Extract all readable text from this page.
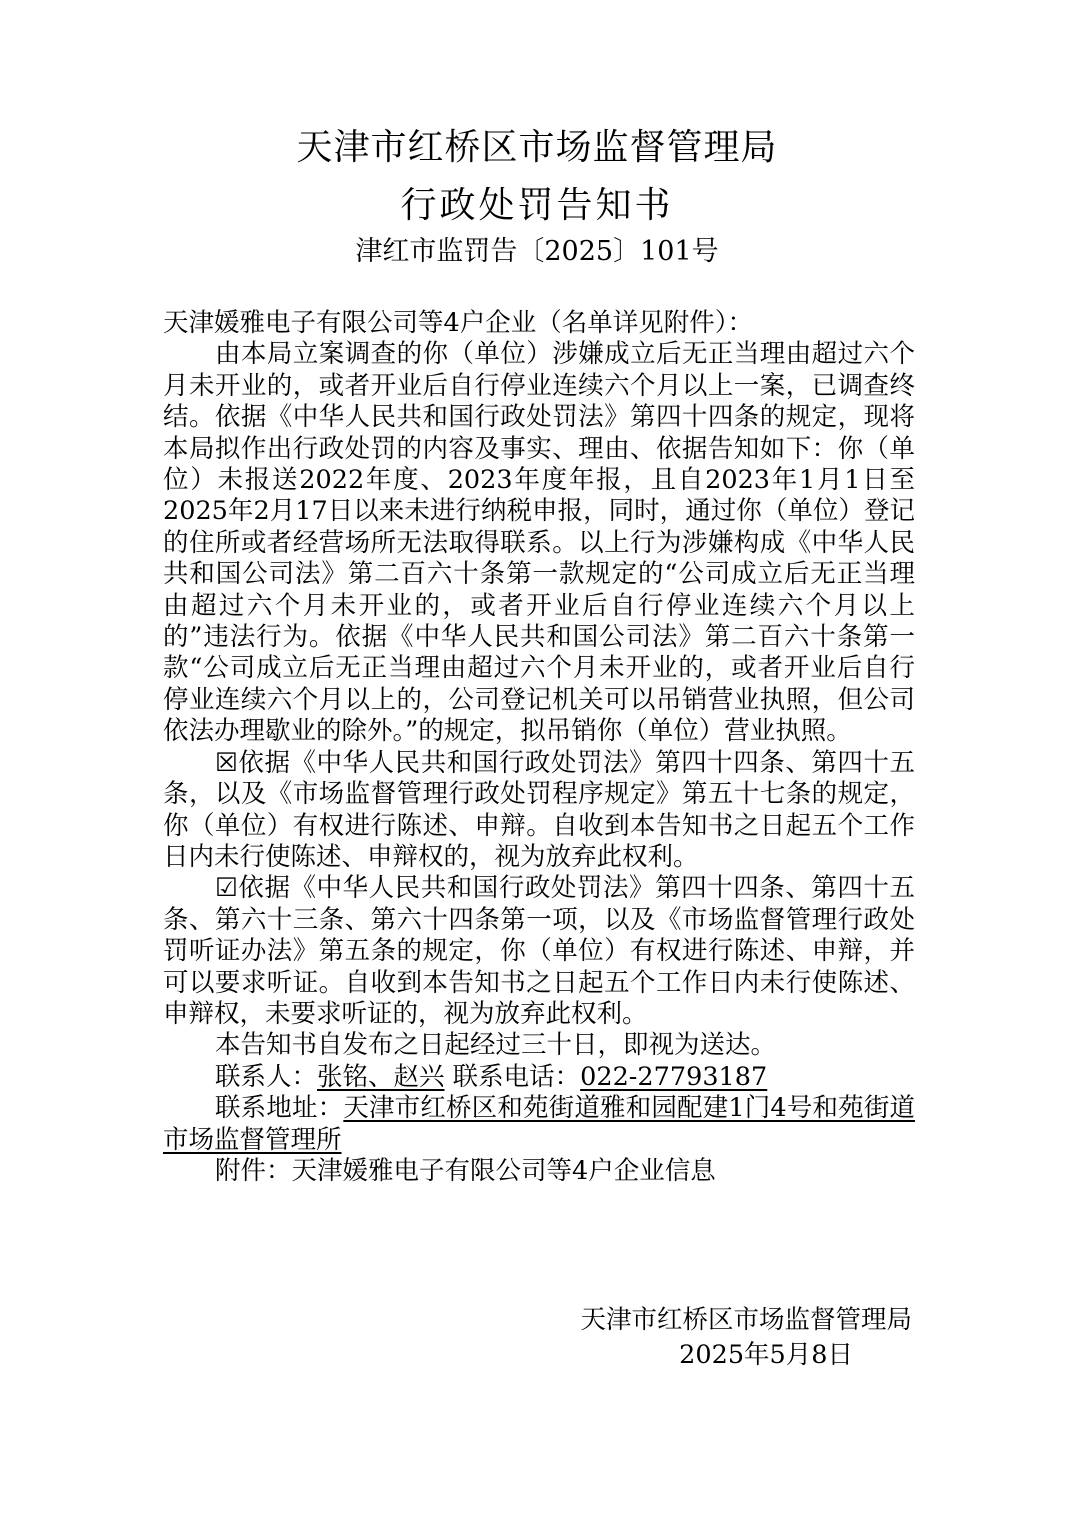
天津市红桥区市场监督管理局
行政处罚告知书
津红市监罚告〔2025〕101号

天津媛雅电子有限公司等4户企业（名单详见附件）：

由本局立案调查的你（单位）涉嫌成立后无正当理由超过六个月未开业的，或者开业后自行停业连续六个月以上一案，已调查终结。依据《中华人民共和国行政处罚法》第四十四条的规定，现将本局拟作出行政处罚的内容及事实、理由、依据告知如下：你（单位）未报送2022年度、2023年度年报，且自2023年1月1日至2025年2月17日以来未进行纳税申报，同时，通过你（单位）登记的住所或者经营场所无法取得联系。以上行为涉嫌构成《中华人民共和国公司法》第二百六十条第一款规定的“公司成立后无正当理由超过六个月未开业的，或者开业后自行停业连续六个月以上的”违法行为。依据《中华人民共和国公司法》第二百六十条第一款“公司成立后无正当理由超过六个月未开业的，或者开业后自行停业连续六个月以上的，公司登记机关可以吊销营业执照，但公司依法办理歇业的除外。”的规定，拟吊销你（单位）营业执照。

☒依据《中华人民共和国行政处罚法》第四十四条、第四十五条，以及《市场监督管理行政处罚程序规定》第五十七条的规定，你（单位）有权进行陈述、申辩。自收到本告知书之日起五个工作日内未行使陈述、申辩权的，视为放弃此权利。

☑依据《中华人民共和国行政处罚法》第四十四条、第四十五条、第六十三条、第六十四条第一项，以及《市场监督管理行政处罚听证办法》第五条的规定，你（单位）有权进行陈述、申辩，并可以要求听证。自收到本告知书之日起五个工作日内未行使陈述、申辩权，未要求听证的，视为放弃此权利。

本告知书自发布之日起经过三十日，即视为送达。

联系人：张铭、赵兴 联系电话：022-27793187

联系地址：天津市红桥区和苑街道雅和园配建1门4号和苑街道市场监督管理所

附件：天津媛雅电子有限公司等4户企业信息

天津市红桥区市场监督管理局
2025年5月8日
